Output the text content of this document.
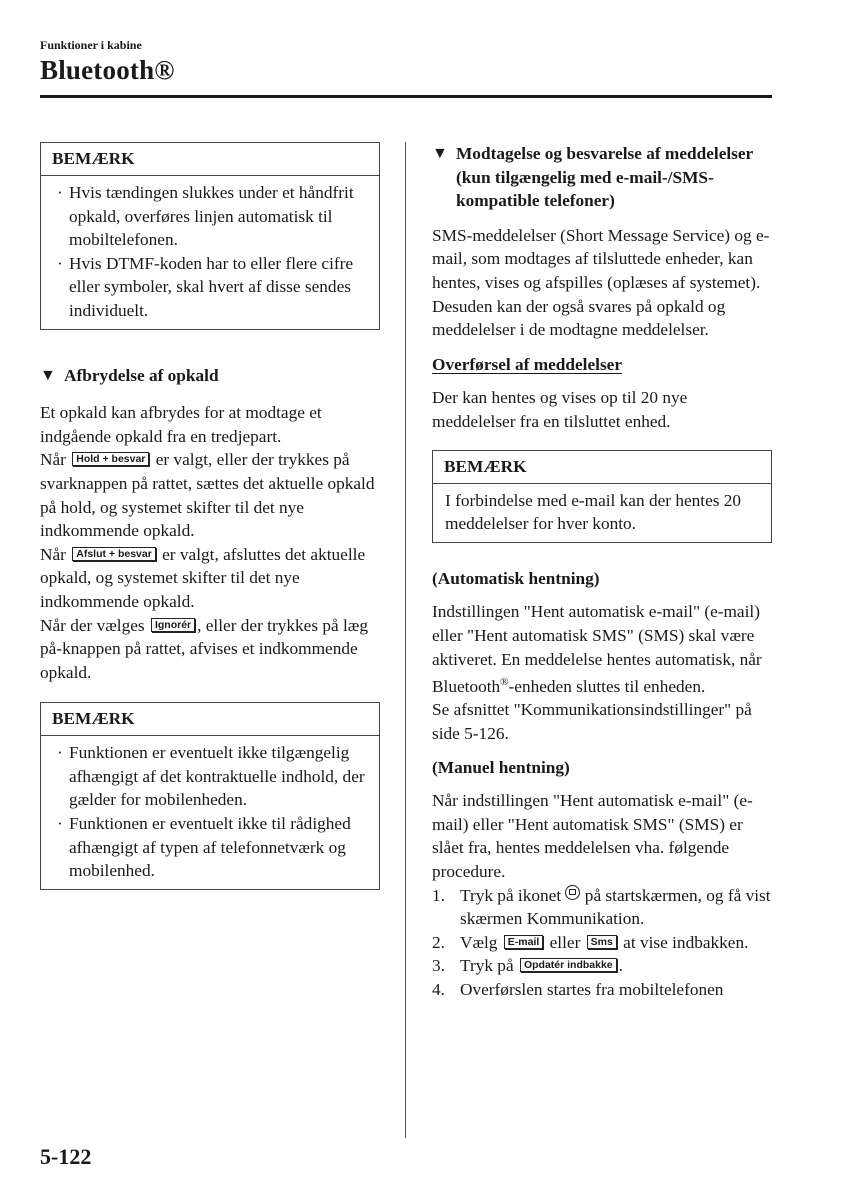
Funktioner i kabine
Bluetooth®
BEMÆRK
· Hvis tændingen slukkes under et håndfrit opkald, overføres linjen automatisk til mobiltelefonen.
· Hvis DTMF-koden har to eller flere cifre eller symboler, skal hvert af disse sendes individuelt.
▼ Afbrydelse af opkald

Et opkald kan afbrydes for at modtage et indgående opkald fra en tredjepart.
Når Hold + besvar er valgt, eller der trykkes på svarknappen på rattet, sættes det aktuelle opkald på hold, og systemet skifter til det nye indkommende opkald.
Når Afslut + besvar er valgt, afsluttes det aktuelle opkald, og systemet skifter til det nye indkommende opkald.
Når der vælges Ignorér , eller der trykkes på læg på-knappen på rattet, afvises et indkommende opkald.

BEMÆRK
· Funktionen er eventuelt ikke tilgængelig afhængigt af det kontraktuelle indhold, der gælder for mobilenheden.
· Funktionen er eventuelt ikke til rådighed afhængigt af typen af telefonnetværk og mobilenhed.
▼ Modtagelse og besvarelse af meddelelser (kun tilgængelig med e-mail-/SMS-kompatible telefoner)

SMS-meddelelser (Short Message Service) og e-mail, som modtages af tilsluttede enheder, kan hentes, vises og afspilles (oplæses af systemet).

Desuden kan der også svares på opkald og meddelelser i de modtagne meddelelser.

Overførsel af meddelelser

Der kan hentes og vises op til 20 nye meddelelser fra en tilsluttet enhed.

BEMÆRK
I forbindelse med e-mail kan der hentes 20 meddelelser for hver konto.

(Automatisk hentning)

Indstillingen "Hent automatisk e-mail" (e-mail) eller "Hent automatisk SMS" (SMS) skal være aktiveret. En meddelelse hentes automatisk, når
Bluetooth®-enheden sluttes til enheden.
Se afsnittet "Kommunikationsindstillinger" på side 5-126.

(Manuel hentning)

Når indstillingen "Hent automatisk e-mail" (e-mail) eller "Hent automatisk SMS" (SMS) er slået fra, hentes meddelelsen vha. følgende procedure.

1. Tryk på ikonet på startskærmen, og få vist skærmen Kommunikation.
2. Vælg E-mail eller Sms at vise indbakken.
3. Tryk på Opdatér indbakke .
4. Overførslen startes fra mobiltelefonen
5-122
